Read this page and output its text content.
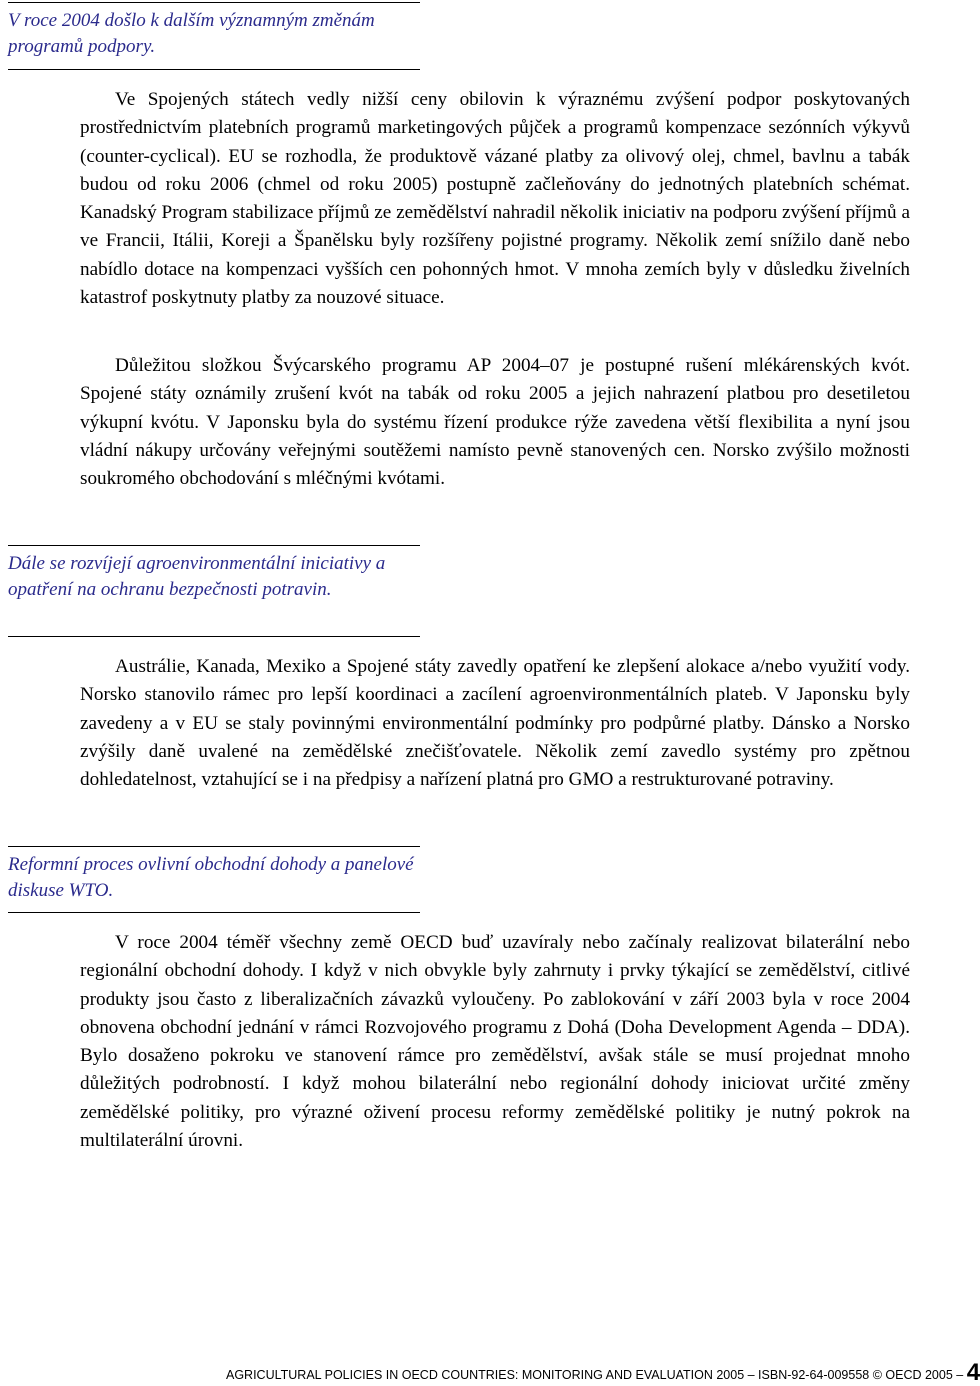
V roce 2004 došlo k dalším významným změnám programů podpory.

Ve Spojených státech vedly nižší ceny obilovin k výraznému zvýšení podpor poskytovaných prostřednictvím platebních programů marketingových půjček a programů kompenzace sezónních výkyvů (counter-cyclical). EU se rozhodla, že produktově vázané platby za olivový olej, chmel, bavlnu a tabák budou od roku 2006 (chmel od roku 2005) postupně začleňovány do jednotných platebních schémat. Kanadský Program stabilizace příjmů ze zemědělství nahradil několik iniciativ na podporu zvýšení příjmů a ve Francii, Itálii, Koreji a Španělsku byly rozšířeny pojistné programy. Několik zemí snížilo daně nebo nabídlo dotace na kompenzaci vyšších cen pohonných hmot. V mnoha zemích byly v důsledku živelních katastrof poskytnuty platby za nouzové situace.

Důležitou složkou Švýcarského programu AP 2004–07 je postupné rušení mlékárenských kvót. Spojené státy oznámily zrušení kvót na tabák od roku 2005 a jejich nahrazení platbou pro desetiletou výkupní kvótu. V Japonsku byla do systému řízení produkce rýže zavedena větší flexibilita a nyní jsou vládní nákupy určovány veřejnými soutěžemi namísto pevně stanovených cen. Norsko zvýšilo možnosti soukromého obchodování s mléčnými kvótami.

Dále se rozvíjejí agroenvironmentální iniciativy a opatření na ochranu bezpečnosti potravin.

Austrálie, Kanada, Mexiko a Spojené státy zavedly opatření ke zlepšení alokace a/nebo využití vody. Norsko stanovilo rámec pro lepší koordinaci a zacílení agroenvironmentálních plateb. V Japonsku byly zavedeny a v EU se staly povinnými environmentální podmínky pro podpůrné platby. Dánsko a Norsko zvýšily daně uvalené na zemědělské znečišťovatele. Několik zemí zavedlo systémy pro zpětnou dohledatelnost, vztahující se i na předpisy a nařízení platná pro GMO a restrukturované potraviny.

Reformní proces ovlivní obchodní dohody a panelové diskuse WTO.

V roce 2004 téměř všechny země OECD buď uzavíraly nebo začínaly realizovat bilaterální nebo regionální obchodní dohody. I když v nich obvykle byly zahrnuty i prvky týkající se zemědělství, citlivé produkty jsou často z liberalizačních závazků vyloučeny. Po zablokování v září 2003 byla v roce 2004 obnovena obchodní jednání v rámci Rozvojového programu z Dohá (Doha Development Agenda – DDA). Bylo dosaženo pokroku ve stanovení rámce pro zemědělství, avšak stále se musí projednat mnoho důležitých podrobností. I když mohou bilaterální nebo regionální dohody iniciovat určité změny zemědělské politiky, pro výrazné oživení procesu reformy zemědělské politiky je nutný pokrok na multilaterální úrovni.

AGRICULTURAL POLICIES IN OECD COUNTRIES: MONITORING AND EVALUATION 2005 – ISBN-92-64-009558 © OECD 2005 – 4
